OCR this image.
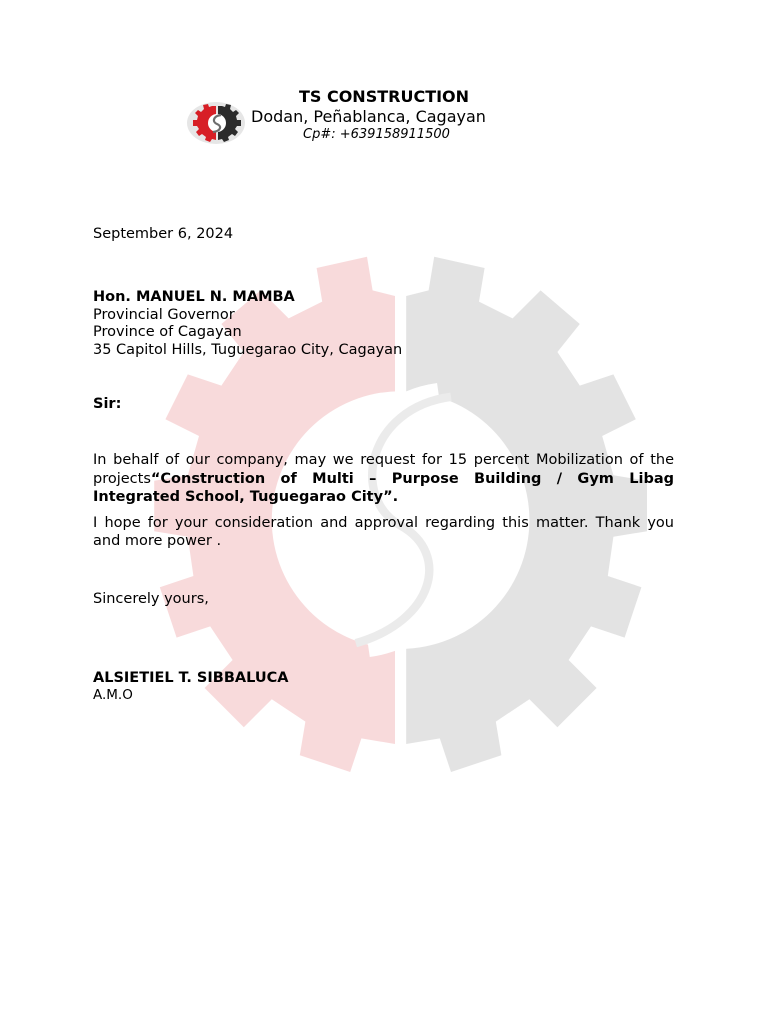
TS CONSTRUCTION
Dodan, Peñablanca, Cagayan
Cp#: +639158911500
September 6, 2024
Hon. MANUEL N. MAMBA
Provincial Governor
Province of Cagayan
35 Capitol Hills, Tuguegarao City, Cagayan
Sir:

In behalf of our company, may we request for 15 percent Mobilization of the projects“Construction of Multi – Purpose Building / Gym Libag Integrated School, Tuguegarao City”.

I hope for your consideration and approval regarding this matter. Thank you and more power .

Sincerely yours,
ALSIETIEL T. SIBBALUCA
A.M.O
